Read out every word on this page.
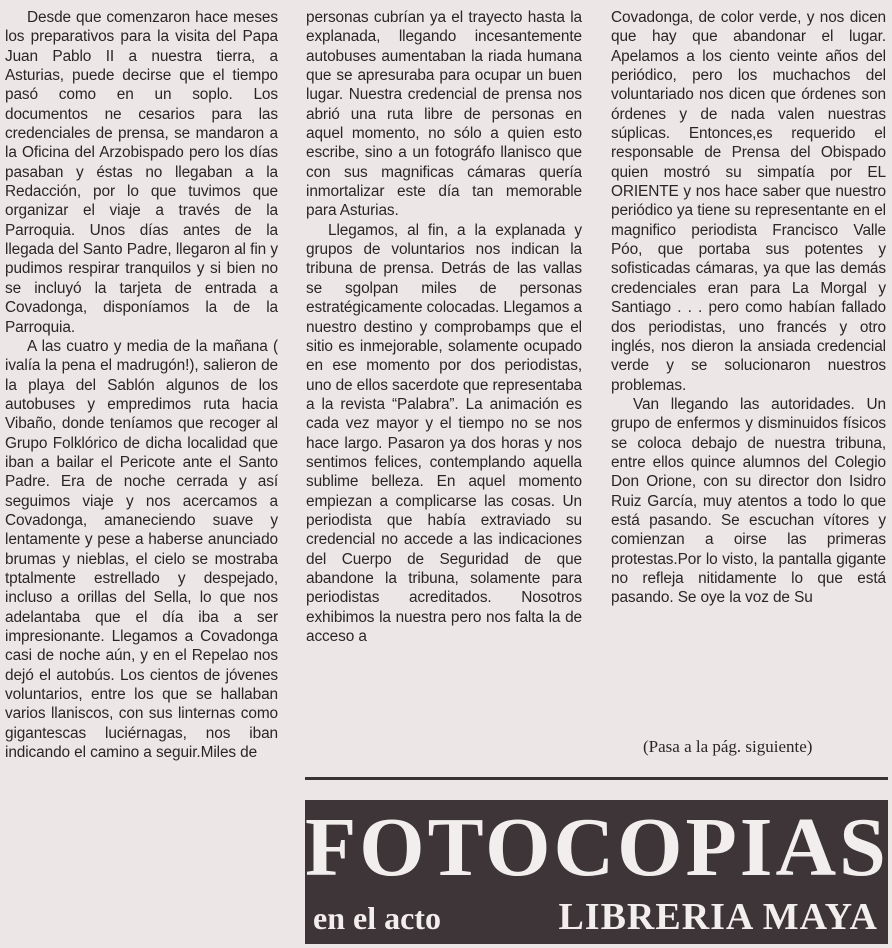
Desde que comenzaron hace meses los preparativos para la visita del Papa Juan Pablo II a nuestra tierra, a Asturias, puede decirse que el tiempo pasó como en un soplo. Los documentos ne cesarios para las credenciales de prensa, se mandaron a la Oficina del Arzobispado pero los días pasaban y éstas no llegaban a la Redacción, por lo que tuvimos que organizar el viaje a través de la Parroquia. Unos días antes de la llegada del Santo Padre, llegaron al fin y pudimos respirar tranquilos y si bien no se incluyó la tarjeta de entrada a Covadonga, disponíamos la de la Parroquia.

A las cuatro y media de la mañana ( ivalía la pena el madrugón!), salieron de la playa del Sablón algunos de los autobuses y empredimos ruta hacia Vibaño, donde teníamos que recoger al Grupo Folklórico de dicha localidad que iban a bailar el Pericote ante el Santo Padre. Era de noche cerrada y así seguimos viaje y nos acercamos a Covadonga, amaneciendo suave y lentamente y pese a haberse anunciado brumas y nieblas, el cielo se mostraba tptalmente estrellado y despejado, incluso a orillas del Sella, lo que nos adelantaba que el día iba a ser impresionante. Llegamos a Covadonga casi de noche aún, y en el Repelao nos dejó el autobús. Los cientos de jóvenes voluntarios, entre los que se hallaban varios llaniscos, con sus linternas como gigantescas luciérnagas, nos iban indicando el camino a seguir.Miles de

personas cubrían ya el trayecto hasta la explanada, llegando incesantemente autobuses aumentaban la riada humana que se apresuraba para ocupar un buen lugar. Nuestra credencial de prensa nos abrió una ruta libre de personas en aquel momento, no sólo a quien esto escribe, sino a un fotográfo llanisco que con sus magnificas cámaras quería inmortalizar este día tan memorable para Asturias.

Llegamos, al fin, a la explanada y grupos de voluntarios nos indican la tribuna de prensa. Detrás de las vallas se sgolpan miles de personas estratégicamente colocadas. Llegamos a nuestro destino y comprobamps que el sitio es inmejorable, solamente ocupado en ese momento por dos periodistas, uno de ellos sacerdote que representaba a la revista “Palabra”. La animación es cada vez mayor y el tiempo no se nos hace largo. Pasaron ya dos horas y nos sentimos felices, contemplando aquella sublime belleza. En aquel momento empiezan a complicarse las cosas. Un periodista que había extraviado su credencial no accede a las indicaciones del Cuerpo de Seguridad de que abandone la tribuna, solamente para periodistas acreditados. Nosotros exhibimos la nuestra pero nos falta la de acceso a

Covadonga, de color verde, y nos dicen que hay que abandonar el lugar. Apelamos a los ciento veinte años del periódico, pero los muchachos del voluntariado nos dicen que órdenes son órdenes y de nada valen nuestras súplicas. Entonces,es requerido el responsable de Prensa del Obispado quien mostró su simpatía por EL ORIENTE y nos hace saber que nuestro periódico ya tiene su representante en el magnifico periodista Francisco Valle Póo, que portaba sus potentes y sofisticadas cámaras, ya que las demás credenciales eran para La Morgal y Santiago . . . pero como habían fallado dos periodistas, uno francés y otro inglés, nos dieron la ansiada credencial verde y se solucionaron nuestros problemas.

Van llegando las autoridades. Un grupo de enfermos y disminuidos físicos se coloca debajo de nuestra tribuna, entre ellos quince alumnos del Colegio Don Orione, con su director don Isidro Ruiz García, muy atentos a todo lo que está pasando. Se escuchan vítores y comienzan a oirse las primeras protestas.Por lo visto, la pantalla gigante no refleja nitidamente lo que está pasando. Se oye la voz de Su

(Pasa a la pág. siguiente)
FOTOCOPIAS
en el acto	LIBRERIA MAYA
